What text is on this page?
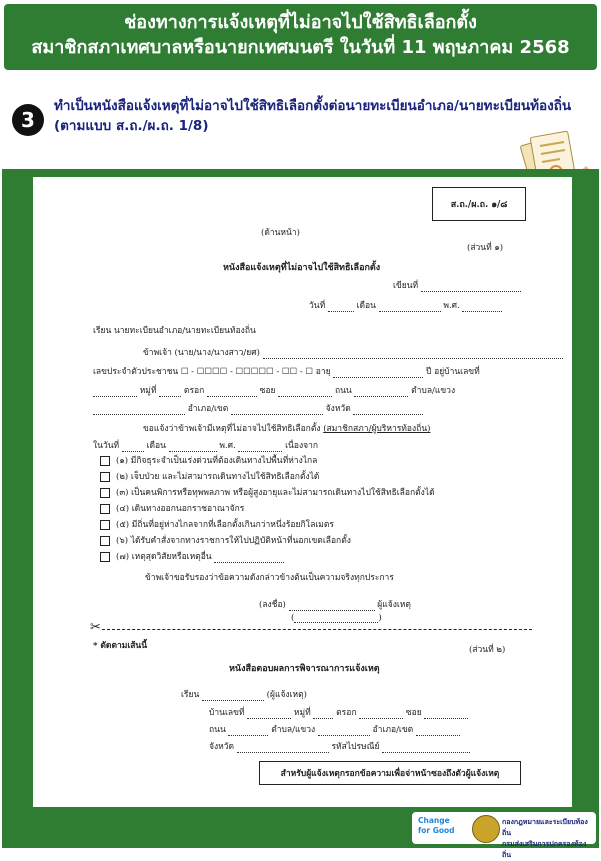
ช่องทางการแจ้งเหตุที่ไม่อาจไปใช้สิทธิเลือกตั้ง
สมาชิกสภาเทศบาลหรือนายกเทศมนตรี ในวันที่ 11 พฤษภาคม 2568
3
ทำเป็นหนังสือแจ้งเหตุที่ไม่อาจไปใช้สิทธิเลือกตั้งต่อนายทะเบียนอำเภอ/นายทะเบียนท้องถิ่น
(ตามแบบ ส.ถ./ผ.ถ. 1/8)
ส.ถ./ผ.ถ. ๑/๘
(ด้านหน้า)
(ส่วนที่ ๑)
หนังสือแจ้งเหตุที่ไม่อาจไปใช้สิทธิเลือกตั้ง
เขียนที่
วันที่	เดือน	พ.ศ.
เรียน นายทะเบียนอำเภอ/นายทะเบียนท้องถิ่น
ข้าพเจ้า (นาย/นาง/นางสาว/ยศ)
เลขประจำตัวประชาชน ☐ - ☐☐☐☐ - ☐☐☐☐☐ - ☐☐ - ☐ อายุ	ปี อยู่บ้านเลขที่
หมู่ที่	ตรอก	ซอย	ถนน	ตำบล/แขวง
อำเภอ/เขต	จังหวัด
ขอแจ้งว่าข้าพเจ้ามีเหตุที่ไม่อาจไปใช้สิทธิเลือกตั้ง (สมาชิกสภา/ผู้บริหารท้องถิ่น)
ในวันที่	เดือน	พ.ศ.	เนื่องจาก
(๑) มีกิจธุระจำเป็นเร่งด่วนที่ต้องเดินทางไปพื้นที่ห่างไกล
(๒) เจ็บป่วย และไม่สามารถเดินทางไปใช้สิทธิเลือกตั้งได้
(๓) เป็นคนพิการหรือทุพพลภาพ หรือผู้สูงอายุและไม่สามารถเดินทางไปใช้สิทธิเลือกตั้งได้
(๔) เดินทางออกนอกราชอาณาจักร
(๕) มีถิ่นที่อยู่ห่างไกลจากที่เลือกตั้งเกินกว่าหนึ่งร้อยกิโลเมตร
(๖) ได้รับคำสั่งจากทางราชการให้ไปปฏิบัติหน้าที่นอกเขตเลือกตั้ง
(๗) เหตุสุดวิสัยหรือเหตุอื่น
ข้าพเจ้าขอรับรองว่าข้อความดังกล่าวข้างต้นเป็นความจริงทุกประการ
(ลงชื่อ)	ผู้แจ้งเหตุ
(	)
✂
* ตัดตามเส้นนี้	(ส่วนที่ ๒)
หนังสือตอบผลการพิจารณาการแจ้งเหตุ
เรียน	(ผู้แจ้งเหตุ)
บ้านเลขที่	หมู่ที่	ตรอก	ซอย
ถนน	ตำบล/แขวง	อำเภอ/เขต
จังหวัด	รหัสไปรษณีย์
สำหรับผู้แจ้งเหตุกรอกข้อความเพื่อจ่าหน้าซองถึงตัวผู้แจ้งเหตุ
Change
for Good
กองกฎหมายและระเบียบท้องถิ่น
กรมส่งเสริมการปกครองท้องถิ่น
